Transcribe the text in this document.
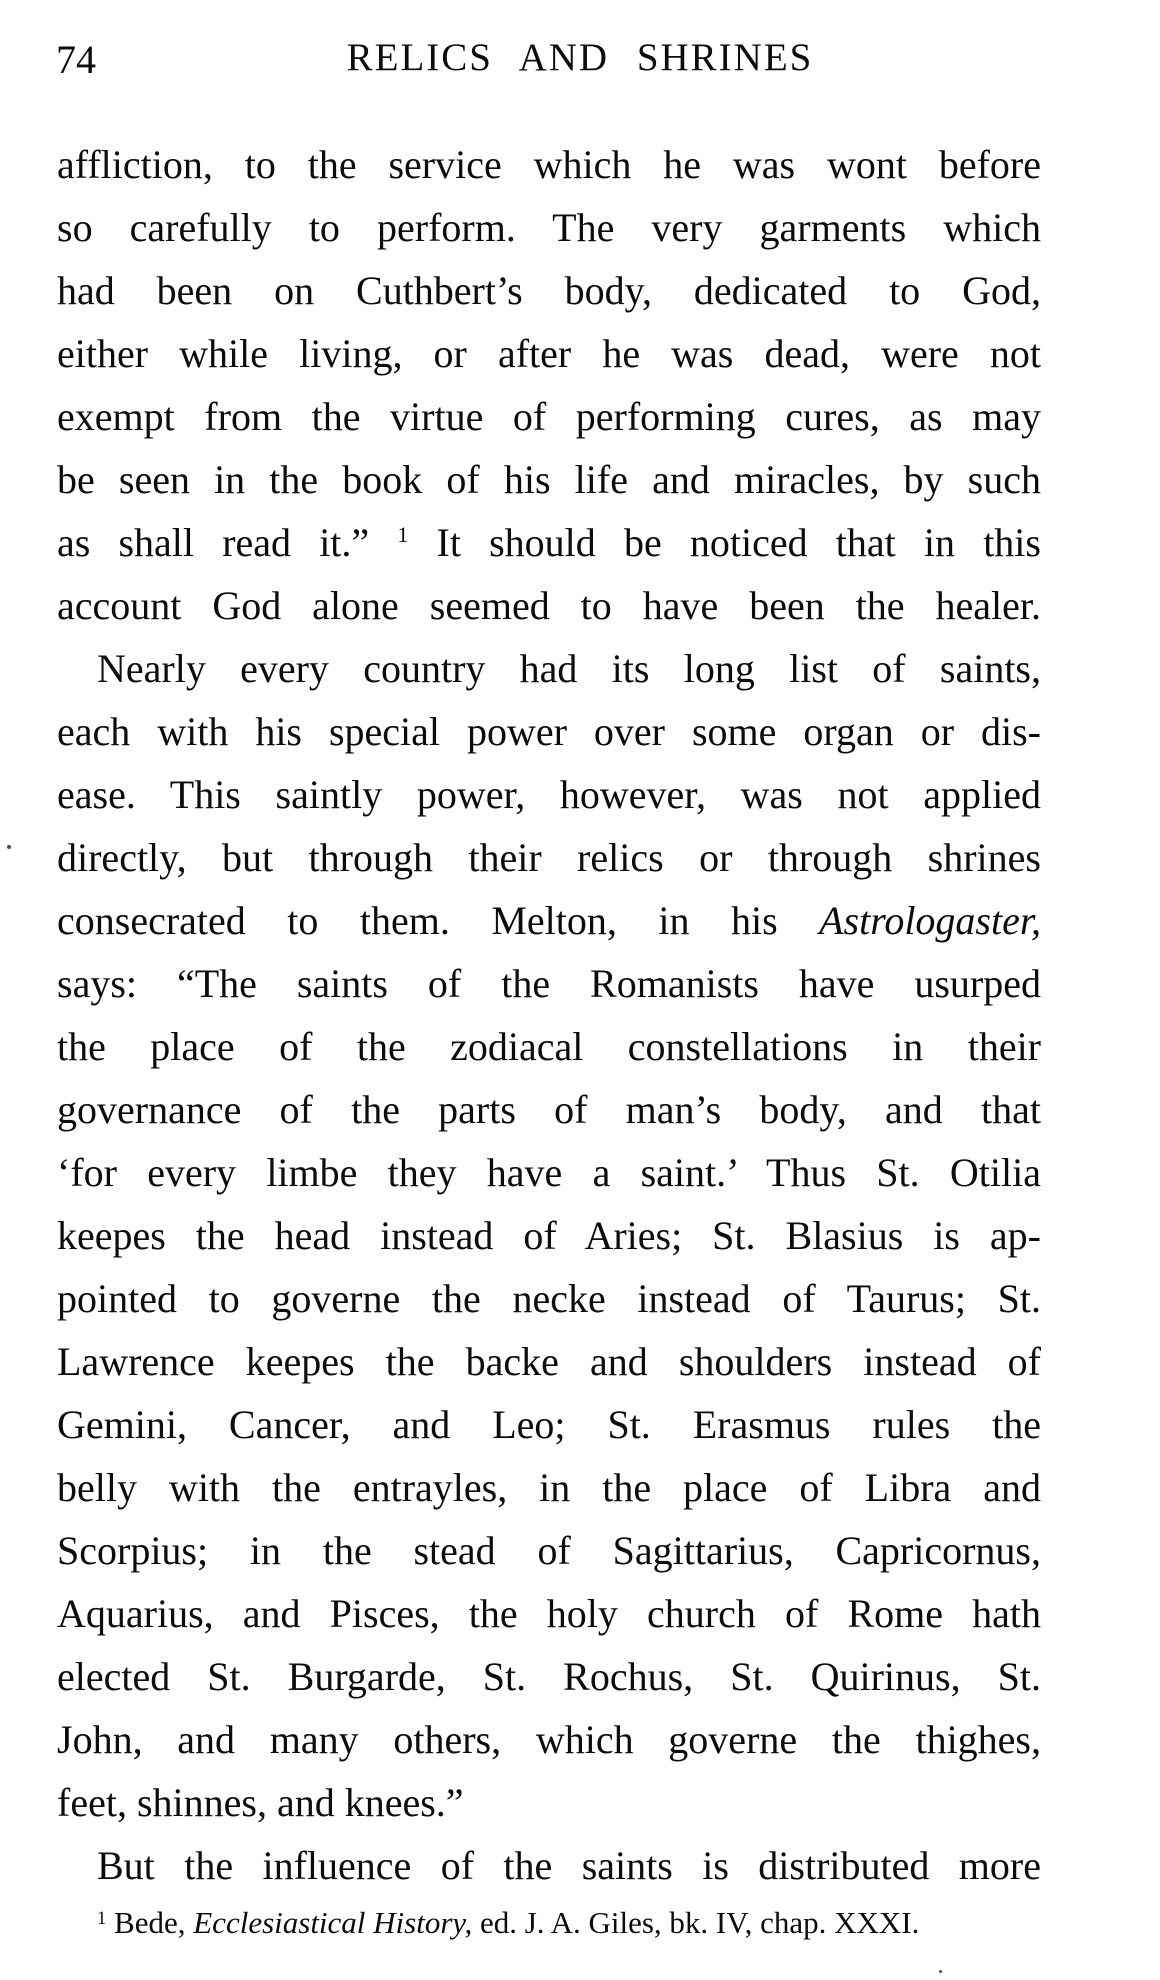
74	RELICS AND SHRINES
affliction, to the service which he was wont before
so carefully to perform. The very garments which
had been on Cuthbert’s body, dedicated to God,
either while living, or after he was dead, were not
exempt from the virtue of performing cures, as may
be seen in the book of his life and miracles, by such
as shall read it.” $^1$ It should be noticed that in this
account God alone seemed to have been the healer.
Nearly every country had its long list of saints,
each with his special power over some organ or dis-
ease. This saintly power, however, was not applied
directly, but through their relics or through shrines
consecrated to them. Melton, in his Astrologaster,
says: “The saints of the Romanists have usurped
the place of the zodiacal constellations in their
governance of the parts of man’s body, and that
‘for every limbe they have a saint.’ Thus St. Otilia
keepes the head instead of Aries; St. Blasius is ap-
pointed to governe the necke instead of Taurus; St.
Lawrence keepes the backe and shoulders instead of
Gemini, Cancer, and Leo; St. Erasmus rules the
belly with the entrayles, in the place of Libra and
Scorpius; in the stead of Sagittarius, Capricornus,
Aquarius, and Pisces, the holy church of Rome hath
elected St. Burgarde, St. Rochus, St. Quirinus, St.
John, and many others, which governe the thighes,
feet, shinnes, and knees.”
But the influence of the saints is distributed more
$^1$ Bede, Ecclesiastical History, ed. J. A. Giles, bk. IV, chap. XXXI.
